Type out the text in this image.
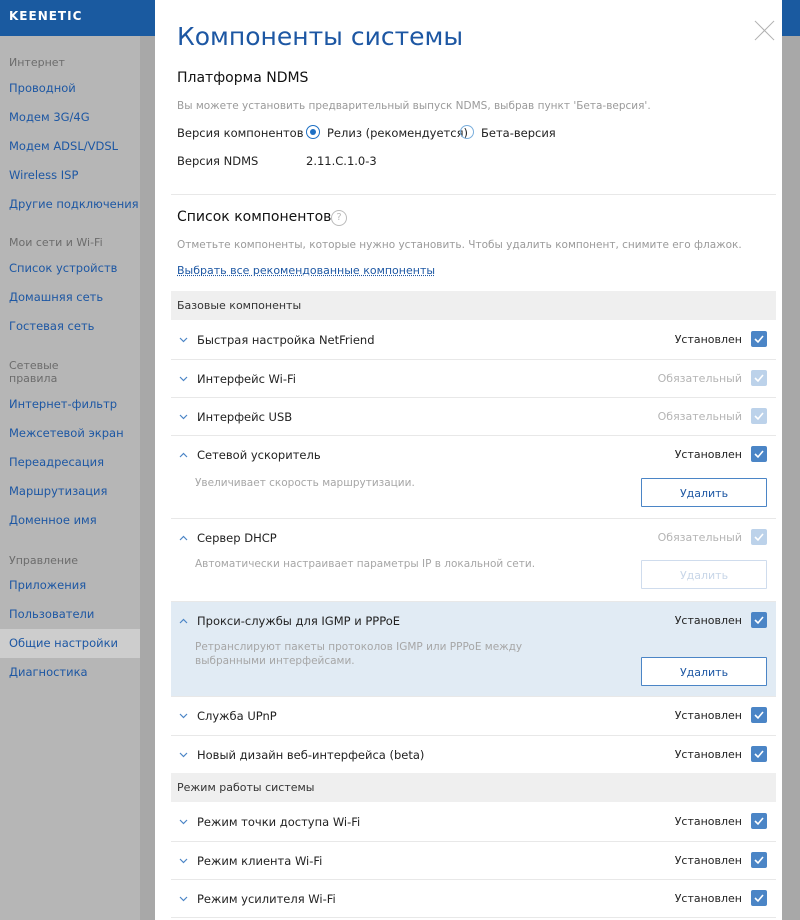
Интернет
Проводной
Модем 3G/4G
Модем ADSL/VDSL
Wireless ISP
Другие подключения
Мои сети и Wi-Fi
Список устройств
Домашняя сеть
Гостевая сеть
Сетевые правила
Интернет-фильтр
Межсетевой экран
Переадресация
Маршрутизация
Доменное имя
Управление
Приложения
Пользователи
Общие настройки
Диагностика
KEENETIC
Компоненты системы
Платформа NDMS
Вы можете установить предварительный выпуск NDMS, выбрав пункт 'Бета-версия'.
Версия компонентов Релиз (рекомендуется) Бета-версия
Версия NDMS	2.11.C.1.0-3
Список компонентов ?
Отметьте компоненты, которые нужно установить. Чтобы удалить компонент, снимите его флажок.
Выбрать все рекомендованные компоненты
Базовые компоненты
Быстрая настройка NetFriend	Установлен
Интерфейс Wi-Fi	Обязательный
Интерфейс USB	Обязательный
Сетевой ускоритель	Установлен
Увеличивает скорость маршрутизации.
Удалить
Сервер DHCP	Обязательный
Автоматически настраивает параметры IP в локальной сети.
Удалить
Прокси-службы для IGMP и PPPoE	Установлен
Ретранслируют пакеты протоколов IGMP или PPPoE между
выбранными интерфейсами.
Удалить
Служба UPnP	Установлен
Новый дизайн веб-интерфейса (beta)	Установлен
Режим работы системы
Режим точки доступа Wi-Fi	Установлен
Режим клиента Wi-Fi	Установлен
Режим усилителя Wi-Fi	Установлен
